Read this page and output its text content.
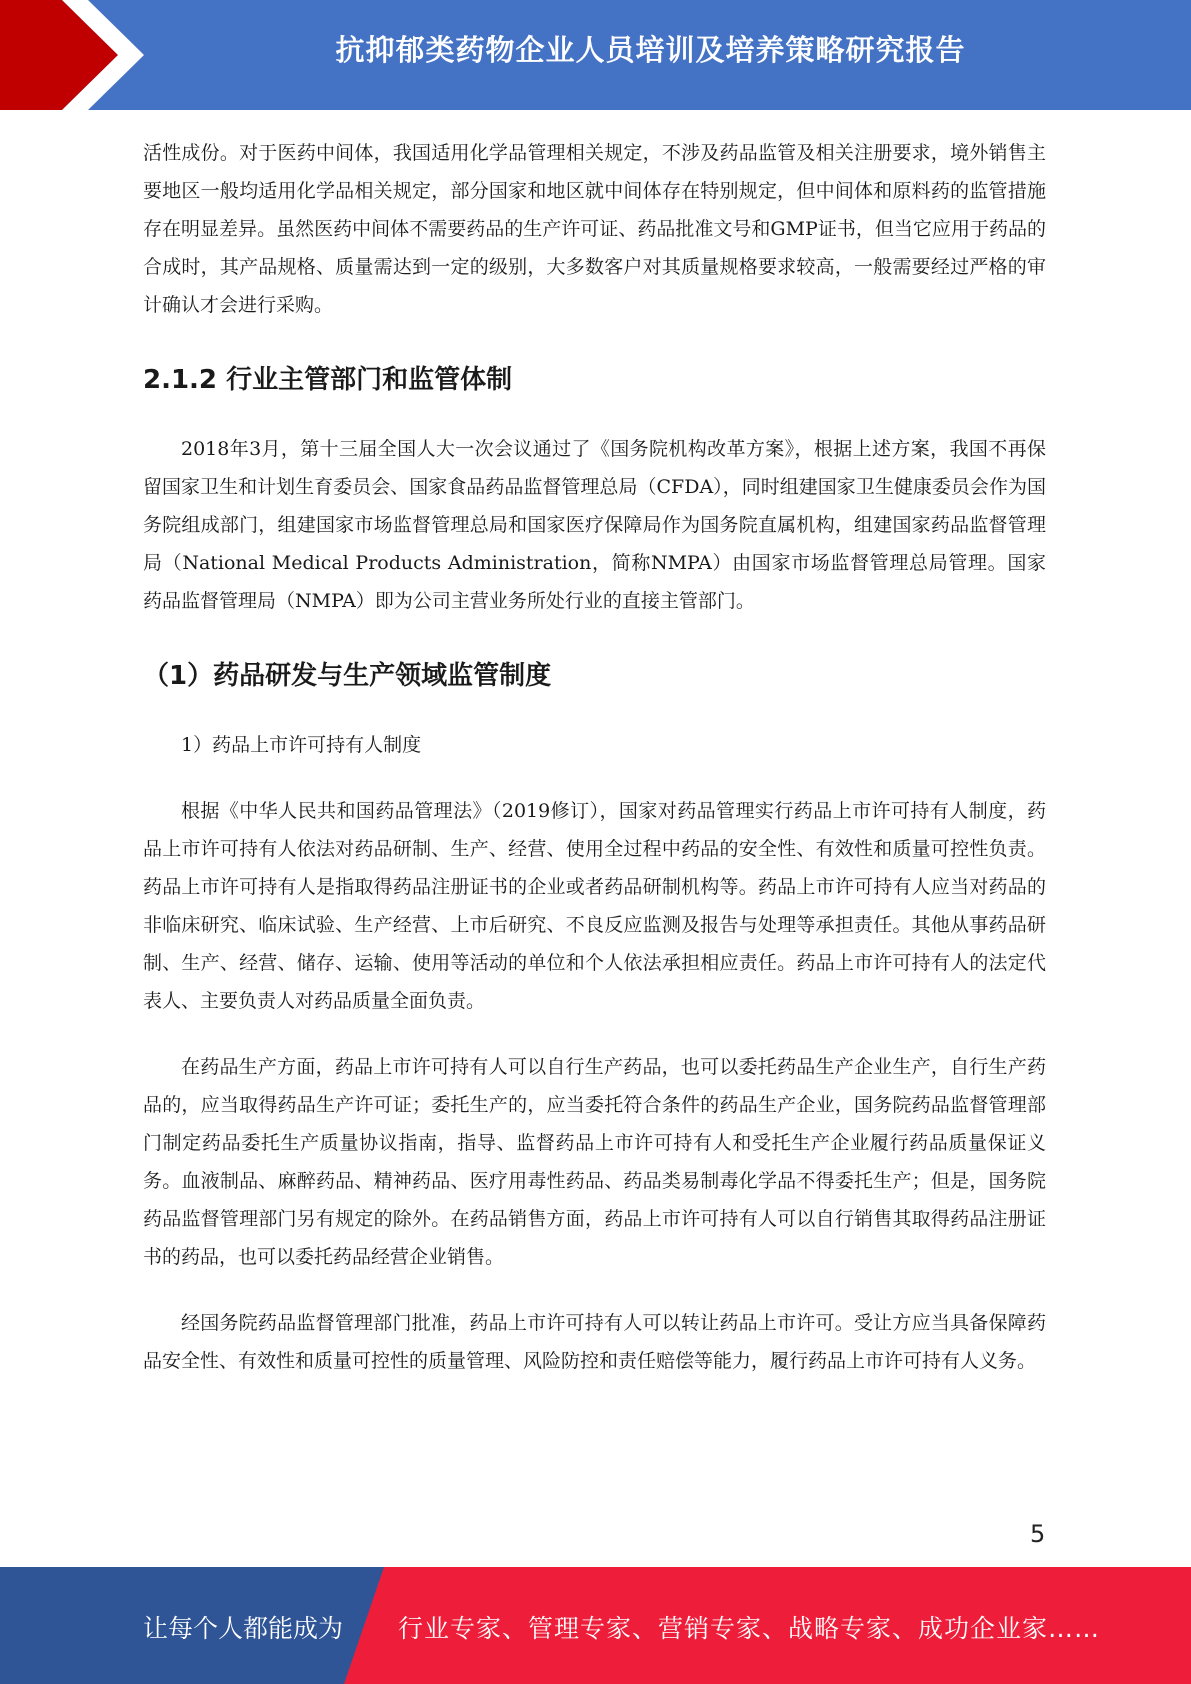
抗抑郁类药物企业人员培训及培养策略研究报告

活性成份。对于医药中间体，我国适用化学品管理相关规定，不涉及药品监管及相关注册要求，境外销售主要地区一般均适用化学品相关规定，部分国家和地区就中间体存在特别规定，但中间体和原料药的监管措施存在明显差异。虽然医药中间体不需要药品的生产许可证、药品批准文号和GMP证书，但当它应用于药品的合成时，其产品规格、质量需达到一定的级别，大多数客户对其质量规格要求较高，一般需要经过严格的审计确认才会进行采购。

2.1.2 行业主管部门和监管体制

2018年3月，第十三届全国人大一次会议通过了《国务院机构改革方案》，根据上述方案，我国不再保留国家卫生和计划生育委员会、国家食品药品监督管理总局（CFDA），同时组建国家卫生健康委员会作为国务院组成部门，组建国家市场监督管理总局和国家医疗保障局作为国务院直属机构，组建国家药品监督管理局（National Medical Products Administration，简称NMPA）由国家市场监督管理总局管理。国家药品监督管理局（NMPA）即为公司主营业务所处行业的直接主管部门。

（1）药品研发与生产领域监管制度

1）药品上市许可持有人制度

根据《中华人民共和国药品管理法》（2019修订），国家对药品管理实行药品上市许可持有人制度，药品上市许可持有人依法对药品研制、生产、经营、使用全过程中药品的安全性、有效性和质量可控性负责。药品上市许可持有人是指取得药品注册证书的企业或者药品研制机构等。药品上市许可持有人应当对药品的非临床研究、临床试验、生产经营、上市后研究、不良反应监测及报告与处理等承担责任。其他从事药品研制、生产、经营、储存、运输、使用等活动的单位和个人依法承担相应责任。药品上市许可持有人的法定代表人、主要负责人对药品质量全面负责。

在药品生产方面，药品上市许可持有人可以自行生产药品，也可以委托药品生产企业生产，自行生产药品的，应当取得药品生产许可证；委托生产的，应当委托符合条件的药品生产企业，国务院药品监督管理部门制定药品委托生产质量协议指南，指导、监督药品上市许可持有人和受托生产企业履行药品质量保证义务。血液制品、麻醉药品、精神药品、医疗用毒性药品、药品类易制毒化学品不得委托生产；但是，国务院药品监督管理部门另有规定的除外。在药品销售方面，药品上市许可持有人可以自行销售其取得药品注册证书的药品，也可以委托药品经营企业销售。

经国务院药品监督管理部门批准，药品上市许可持有人可以转让药品上市许可。受让方应当具备保障药品安全性、有效性和质量可控性的质量管理、风险防控和责任赔偿等能力，履行药品上市许可持有人义务。

5
让每个人都能成为 行业专家、管理专家、营销专家、战略专家、成功企业家……
